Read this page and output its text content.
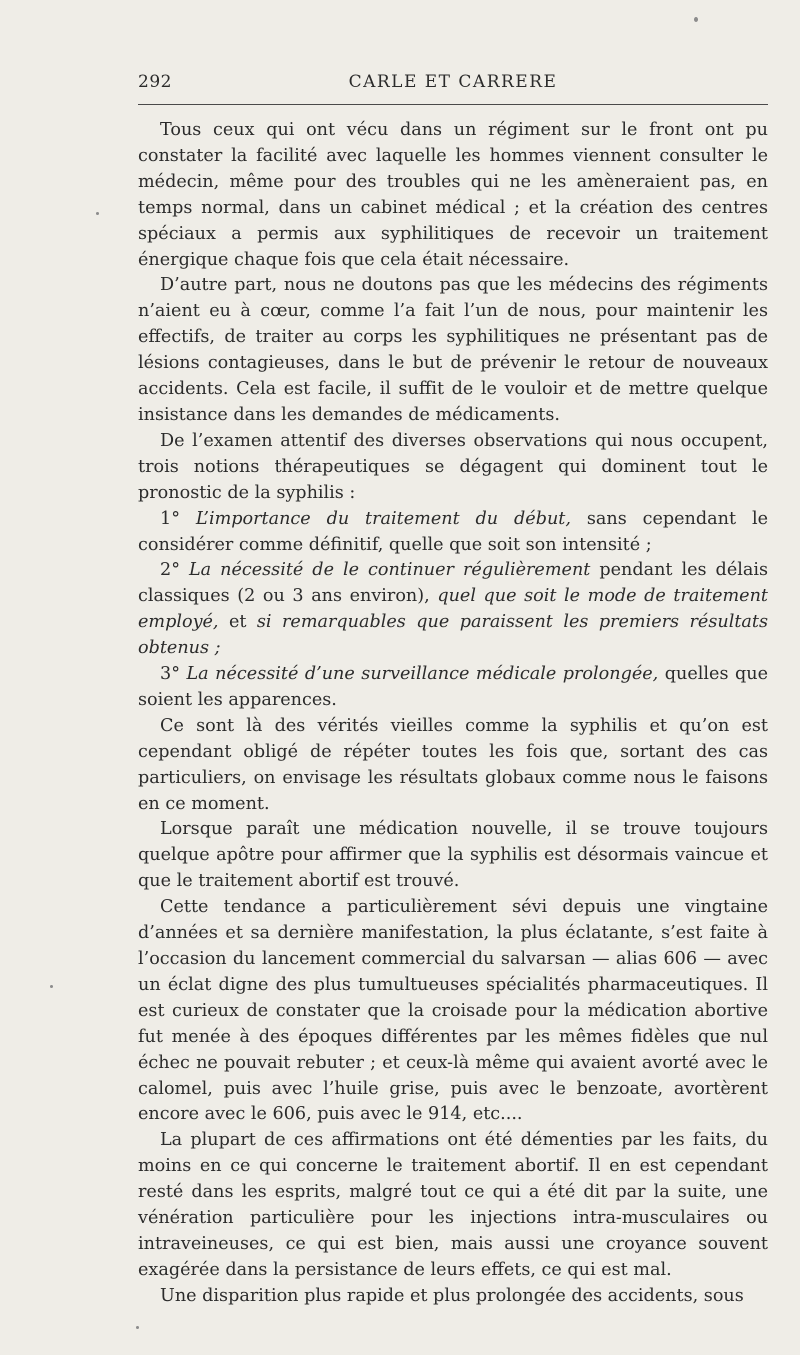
292	CARLE ET CARRERE

Tous ceux qui ont vécu dans un régiment sur le front ont pu constater la facilité avec laquelle les hommes viennent consulter le médecin, même pour des troubles qui ne les amèneraient pas, en temps normal, dans un cabinet médical ; et la création des centres spéciaux a permis aux syphilitiques de recevoir un traitement énergique chaque fois que cela était nécessaire.

D’autre part, nous ne doutons pas que les médecins des régiments n’aient eu à cœur, comme l’a fait l’un de nous, pour maintenir les effectifs, de traiter au corps les syphilitiques ne présentant pas de lésions contagieuses, dans le but de prévenir le retour de nouveaux accidents. Cela est facile, il suffit de le vouloir et de mettre quelque insistance dans les demandes de médicaments.

De l’examen attentif des diverses observations qui nous occupent, trois notions thérapeutiques se dégagent qui dominent tout le pronostic de la syphilis :

1° L’importance du traitement du début, sans cependant le considérer comme définitif, quelle que soit son intensité ;

2° La nécessité de le continuer régulièrement pendant les délais classiques (2 ou 3 ans environ), quel que soit le mode de traitement employé, et si remarquables que paraissent les premiers résultats obtenus ;

3° La nécessité d’une surveillance médicale prolongée, quelles que soient les apparences.

Ce sont là des vérités vieilles comme la syphilis et qu’on est cependant obligé de répéter toutes les fois que, sortant des cas particuliers, on envisage les résultats globaux comme nous le faisons en ce moment.

Lorsque paraît une médication nouvelle, il se trouve toujours quelque apôtre pour affirmer que la syphilis est désormais vaincue et que le traitement abortif est trouvé.

Cette tendance a particulièrement sévi depuis une vingtaine d’années et sa dernière manifestation, la plus éclatante, s’est faite à l’occasion du lancement commercial du salvarsan — alias 606 — avec un éclat digne des plus tumultueuses spécialités pharmaceutiques. Il est curieux de constater que la croisade pour la médication abortive fut menée à des époques différentes par les mêmes fidèles que nul échec ne pouvait rebuter ; et ceux-là même qui avaient avorté avec le calomel, puis avec l’huile grise, puis avec le benzoate, avortèrent encore avec le 606, puis avec le 914, etc....

La plupart de ces affirmations ont été démenties par les faits, du moins en ce qui concerne le traitement abortif. Il en est cependant resté dans les esprits, malgré tout ce qui a été dit par la suite, une vénération particulière pour les injections intra-musculaires ou intraveineuses, ce qui est bien, mais aussi une croyance souvent exagérée dans la persistance de leurs effets, ce qui est mal.

Une disparition plus rapide et plus prolongée des accidents, sous
